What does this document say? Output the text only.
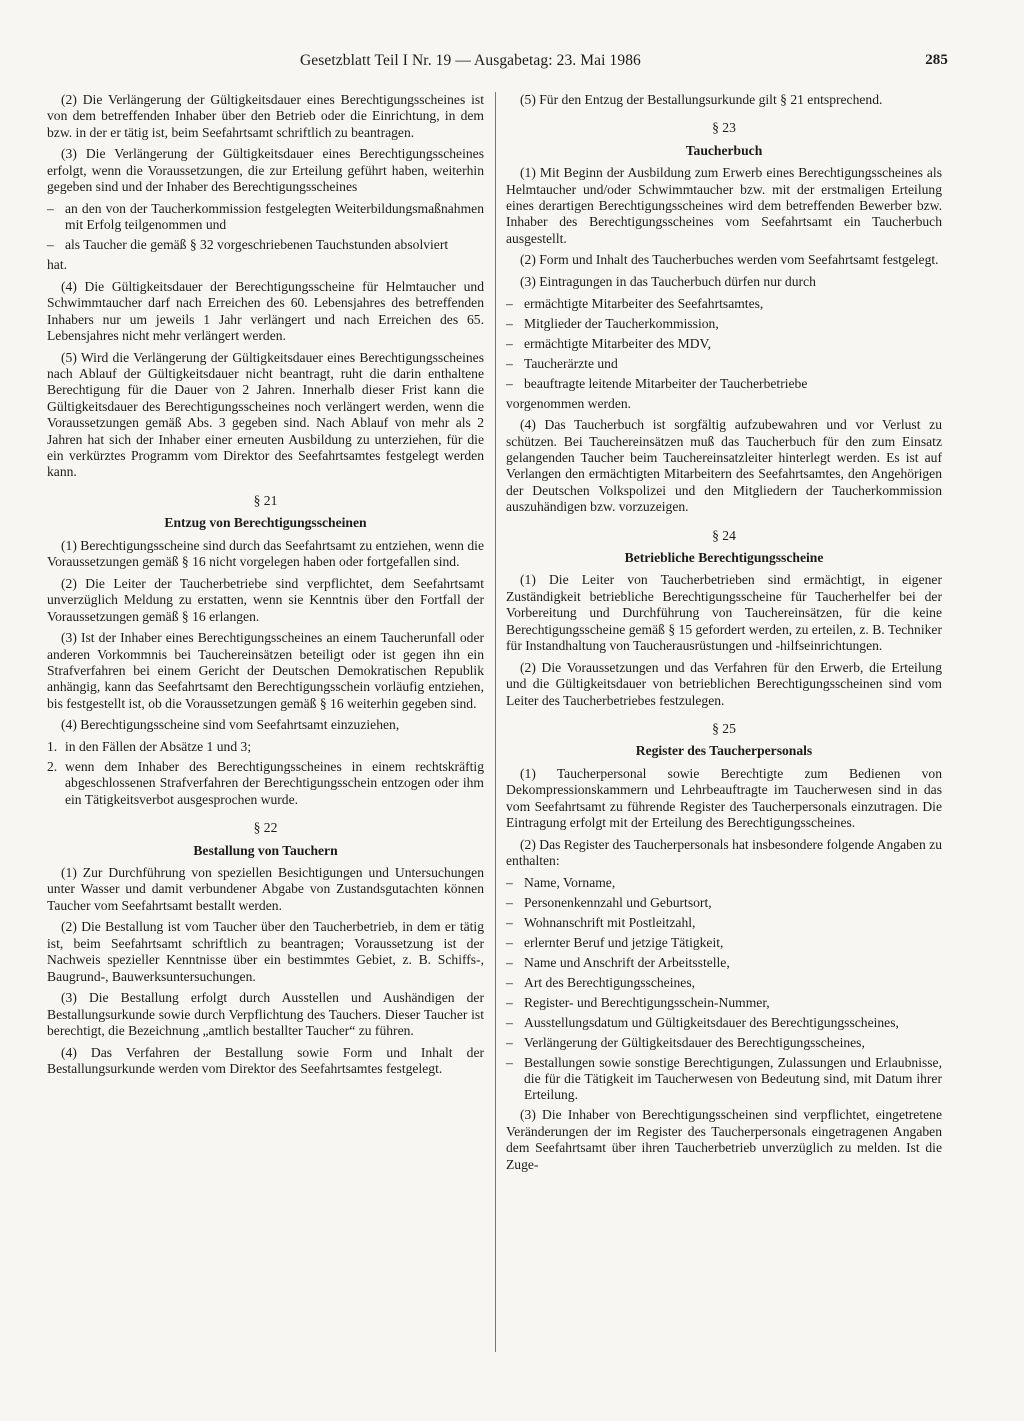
Gesetzblatt Teil I Nr. 19 — Ausgabetag: 23. Mai 1986	285

(2) Die Verlängerung der Gültigkeitsdauer eines Berechtigungsscheines ist von dem betreffenden Inhaber über den Betrieb oder die Einrichtung, in dem bzw. in der er tätig ist, beim Seefahrtsamt schriftlich zu beantragen.

(3) Die Verlängerung der Gültigkeitsdauer eines Berechtigungsscheines erfolgt, wenn die Voraussetzungen, die zur Erteilung geführt haben, weiterhin gegeben sind und der Inhaber des Berechtigungsscheines

– an den von der Taucherkommission festgelegten Weiterbildungsmaßnahmen mit Erfolg teilgenommen und
– als Taucher die gemäß § 32 vorgeschriebenen Tauchstunden absolviert

hat.

(4) Die Gültigkeitsdauer der Berechtigungsscheine für Helmtaucher und Schwimmtaucher darf nach Erreichen des 60. Lebensjahres des betreffenden Inhabers nur um jeweils 1 Jahr verlängert und nach Erreichen des 65. Lebensjahres nicht mehr verlängert werden.

(5) Wird die Verlängerung der Gültigkeitsdauer eines Berechtigungsscheines nach Ablauf der Gültigkeitsdauer nicht beantragt, ruht die darin enthaltene Berechtigung für die Dauer von 2 Jahren. Innerhalb dieser Frist kann die Gültigkeitsdauer des Berechtigungsscheines noch verlängert werden, wenn die Voraussetzungen gemäß Abs. 3 gegeben sind. Nach Ablauf von mehr als 2 Jahren hat sich der Inhaber einer erneuten Ausbildung zu unterziehen, für die ein verkürztes Programm vom Direktor des Seefahrtsamtes festgelegt werden kann.

§ 21
Entzug von Berechtigungsscheinen

(1) Berechtigungsscheine sind durch das Seefahrtsamt zu entziehen, wenn die Voraussetzungen gemäß § 16 nicht vorgelegen haben oder fortgefallen sind.

(2) Die Leiter der Taucherbetriebe sind verpflichtet, dem Seefahrtsamt unverzüglich Meldung zu erstatten, wenn sie Kenntnis über den Fortfall der Voraussetzungen gemäß § 16 erlangen.

(3) Ist der Inhaber eines Berechtigungsscheines an einem Taucherunfall oder anderen Vorkommnis bei Tauchereinsätzen beteiligt oder ist gegen ihn ein Strafverfahren bei einem Gericht der Deutschen Demokratischen Republik anhängig, kann das Seefahrtsamt den Berechtigungsschein vorläufig entziehen, bis festgestellt ist, ob die Voraussetzungen gemäß § 16 weiterhin gegeben sind.

(4) Berechtigungsscheine sind vom Seefahrtsamt einzuziehen,

1. in den Fällen der Absätze 1 und 3;
2. wenn dem Inhaber des Berechtigungsscheines in einem rechtskräftig abgeschlossenen Strafverfahren der Berechtigungsschein entzogen oder ihm ein Tätigkeitsverbot ausgesprochen wurde.
§ 22
Bestallung von Tauchern

(1) Zur Durchführung von speziellen Besichtigungen und Untersuchungen unter Wasser und damit verbundener Abgabe von Zustandsgutachten können Taucher vom Seefahrtsamt bestallt werden.

(2) Die Bestallung ist vom Taucher über den Taucherbetrieb, in dem er tätig ist, beim Seefahrtsamt schriftlich zu beantragen; Voraussetzung ist der Nachweis spezieller Kenntnisse über ein bestimmtes Gebiet, z. B. Schiffs-, Baugrund-, Bauwerksuntersuchungen.

(3) Die Bestallung erfolgt durch Ausstellen und Aushändigen der Bestallungsurkunde sowie durch Verpflichtung des Tauchers. Dieser Taucher ist berechtigt, die Bezeichnung „amtlich bestallter Taucher“ zu führen.

(4) Das Verfahren der Bestallung sowie Form und Inhalt der Bestallungsurkunde werden vom Direktor des Seefahrtsamtes festgelegt.

(5) Für den Entzug der Bestallungsurkunde gilt § 21 entsprechend.

§ 23
Taucherbuch

(1) Mit Beginn der Ausbildung zum Erwerb eines Berechtigungsscheines als Helmtaucher und/oder Schwimmtaucher bzw. mit der erstmaligen Erteilung eines derartigen Berechtigungsscheines wird dem betreffenden Bewerber bzw. Inhaber des Berechtigungsscheines vom Seefahrtsamt ein Taucherbuch ausgestellt.

(2) Form und Inhalt des Taucherbuches werden vom Seefahrtsamt festgelegt.

(3) Eintragungen in das Taucherbuch dürfen nur durch

– ermächtigte Mitarbeiter des Seefahrtsamtes,
– Mitglieder der Taucherkommission,
– ermächtigte Mitarbeiter des MDV,
– Taucherärzte und
– beauftragte leitende Mitarbeiter der Taucherbetriebe

vorgenommen werden.

(4) Das Taucherbuch ist sorgfältig aufzubewahren und vor Verlust zu schützen. Bei Tauchereinsätzen muß das Taucherbuch für den zum Einsatz gelangenden Taucher beim Tauchereinsatzleiter hinterlegt werden. Es ist auf Verlangen den ermächtigten Mitarbeitern des Seefahrtsamtes, den Angehörigen der Deutschen Volkspolizei und den Mitgliedern der Taucherkommission auszuhändigen bzw. vorzuzeigen.

§ 24
Betriebliche Berechtigungsscheine

(1) Die Leiter von Taucherbetrieben sind ermächtigt, in eigener Zuständigkeit betriebliche Berechtigungsscheine für Taucherhelfer bei der Vorbereitung und Durchführung von Tauchereinsätzen, für die keine Berechtigungsscheine gemäß § 15 gefordert werden, zu erteilen, z. B. Techniker für Instandhaltung von Taucherausrüstungen und -hilfseinrichtungen.

(2) Die Voraussetzungen und das Verfahren für den Erwerb, die Erteilung und die Gültigkeitsdauer von betrieblichen Berechtigungsscheinen sind vom Leiter des Taucherbetriebes festzulegen.

§ 25
Register des Taucherpersonals

(1) Taucherpersonal sowie Berechtigte zum Bedienen von Dekompressionskammern und Lehrbeauftragte im Taucherwesen sind in das vom Seefahrtsamt zu führende Register des Taucherpersonals einzutragen. Die Eintragung erfolgt mit der Erteilung des Berechtigungsscheines.

(2) Das Register des Taucherpersonals hat insbesondere folgende Angaben zu enthalten:

– Name, Vorname,
– Personenkennzahl und Geburtsort,
– Wohnanschrift mit Postleitzahl,
– erlernter Beruf und jetzige Tätigkeit,
– Name und Anschrift der Arbeitsstelle,
– Art des Berechtigungsscheines,
– Register- und Berechtigungsschein-Nummer,
– Ausstellungsdatum und Gültigkeitsdauer des Berechtigungsscheines,
– Verlängerung der Gültigkeitsdauer des Berechtigungsscheines,
– Bestallungen sowie sonstige Berechtigungen, Zulassungen und Erlaubnisse, die für die Tätigkeit im Taucherwesen von Bedeutung sind, mit Datum ihrer Erteilung.

(3) Die Inhaber von Berechtigungsscheinen sind verpflichtet, eingetretene Veränderungen der im Register des Taucherpersonals eingetragenen Angaben dem Seefahrtsamt über ihren Taucherbetrieb unverzüglich zu melden. Ist die Zuge-
